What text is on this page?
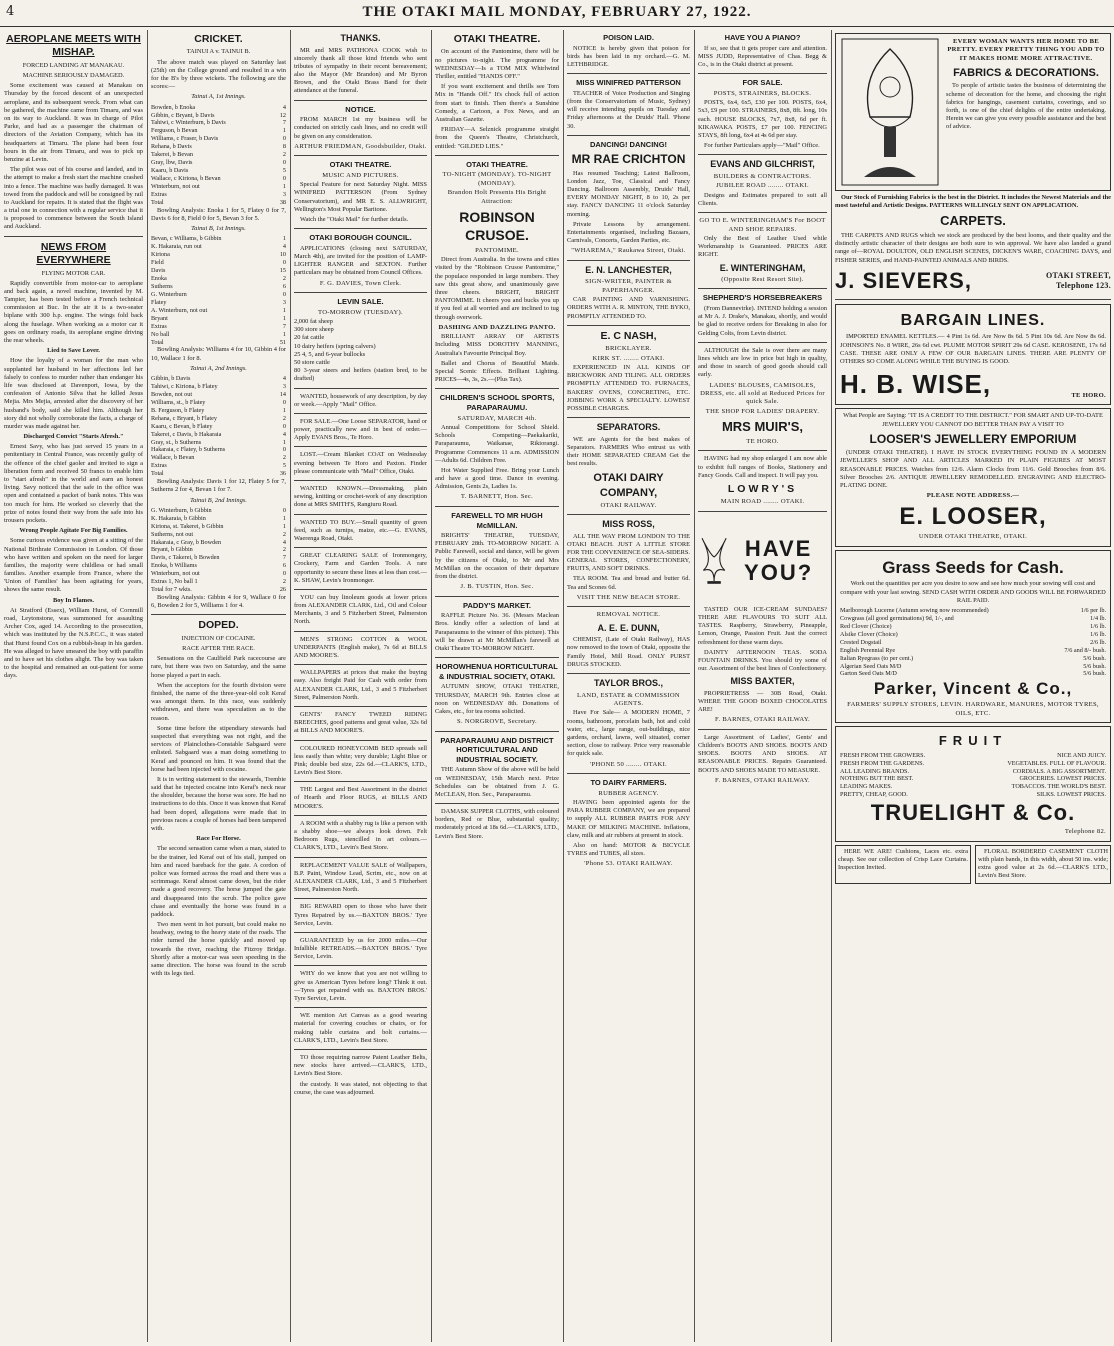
4	THE OTAKI MAIL MONDAY, FEBRUARY 27, 1922.
AEROPLANE MEETS WITH MISHAP.
FORCED LANDING AT MANAKAU.
MACHINE SERIOUSLY DAMAGED.

Some excitement was caused at Manakau on Thursday by the forced descent of an unexpected aeroplane, and its subsequent wreck. From what can be gathered, the machine came from Timaru, and was on its way to Auckland. It was in charge of Pilot Parke, and had as a passenger the chairman of directors of the Aviation Company, which has its headquarters at Timaru. The plane had been four hours in the air from Timaru, and was to pick up benzine at Levin.

The pilot was out of his course and landed, and in the attempt to make a fresh start the machine crashed into a fence. The machine was badly damaged. It was towed from the paddock and will be consigned by rail to Auckland for repairs. It is stated that the flight was a trial one in connection with a regular service that it is proposed to commence between the South Island and Auckland.

NEWS FROM EVERYWHERE
FLYING MOTOR CAR.

Rapidly convertible from motor-car to aeroplane and back again, a novel machine, invented by M. Tampier, has been tested before a French technical commission at Buc. In the air it is a two-seater biplane with 300 h.p. engine. The wings fold back along the fuselage. When working as a motor car it goes on ordinary roads, its aeroplane engine driving the rear wheels.

Lied to Save Lover.

How the loyalty of a woman for the man who supplanted her husband in her affections led her falsely to confess to murder rather than endanger his life was disclosed at Davenport, Iowa, by the confession of Antonio Silva that he killed Jesus Mejia. Mrs Mejia, arrested after the discovery of her husband's body, said she killed him. Although her story did not wholly corroborate the facts, a charge of murder was made against her.

Discharged Convict "Starts Afresh."

Ernest Savy, who has just served 15 years in a penitentiary in Central France, was recently guilty of the offence of the chief gaoler and invited to sign a liberation form and received 50 francs to enable him to "start afresh" in the world and earn an honest living. Savy noticed that the safe in the office was open and contained a packet of bank notes. This was too much for him. He worked so cleverly that the prize of notes found their way from the safe into his trousers pockets.

Wrong People Agitate For Big Families.

Some curious evidence was given at a sitting of the National Birthrate Commission in London. Of those who have written and spoken on the need for larger families, the majority were childless or had small families. Another example from France, where the 'Union of Families' has been agitating for years, shows the same result.

Boy In Flames.

At Stratford (Essex), William Hurst, of Cornmill road, Leytonstone, was summoned for assaulting Archer Cox, aged 14. According to the prosecution, which was instituted by the N.S.P.C.C., it was stated that Hurst found Cox on a rubbish-heap in his garden. He was alleged to have smeared the boy with paraffin and to have set his clothes alight. The boy was taken to the hospital and remained an out-patient for some days.

CRICKET.
TAINUI A v. TAINUI B.

The above match was played on Saturday last (25th) on the College ground and resulted in a win for the B's by three wickets. The following are the scores:—

Tainui A, 1st Innings.
Bowden, b Enoka	4
Gibbin, c Bryant, b Davis	12
Tahiwi, c Winterburn, b Davis	7
Ferguson, b Bevan	1
Williams, c Fraser, b Davis	0
Rehana, b Davis	8
Takerei, b Bevan	2
Gray, lbw, Davis	0
Kaaru, b Davis	5
Wallace, c Kiriona, b Bevan	0
Winterburn, not out	1
Extras	3
Total	38

Bowling Analysis: Enoka 1 for 5, Flatey 0 for 7, Davis 6 for 8, Field 0 for 5, Bevan 3 for 5.

Tainui B, 1st Innings.
Bevan, c Williams, b Gibbin	1
K. Hakaraia, run out	4
Kiriona	10
Field	0
Davis	15
Enoka	2
Sutherns	6
G. Winterburn	0
Flatey	3
A. Winterburn, not out	1
Bryant	1
Extras	7
No ball	1
Total	51

Bowling Analysis: Williams 4 for 10, Gibbin 4 for 10, Wallace 1 for 8.

Tainui A, 2nd Innings.
Gibbin, b Davis	4
Tahiwi, c Kiriona, b Flatey	3
Bowden, not out	14
Williams, st., b Flatey	0
B. Ferguson, b Flatey	1
Rehana, c Bryant, b Flatey	2
Kaaru, c Bevan, b Flatey	0
Takerei, c Davis, b Hakaraia	4
Gray, st., b Sutherns	1
Hakaraia, c Flatey, b Sutherns	0
Wallace, b Bevan	2
Extras	5
Total	36

Bowling Analysis: Davis 1 for 12, Flatey 5 for 7, Sutherns 2 for 4, Bevan 1 for 7.

Tainui B, 2nd Innings.
G. Winterburn, b Gibbin	0
K. Hakaraia, b Gibbin	1
Kiriona, st. Takerei, b Gibbin	1
Sutherns, not out	2
Hakaraia, c Gray, b Bowden	4
Bryant, b Gibbin	2
Davis, c Takerei, b Bowden	7
Enoka, b Williams	6
Winterburn, not out	0
Extras 1, No ball 1	2
Total for 7 wkts.	26

Bowling Analysis: Gibbin 4 for 9, Wallace 0 for 6, Bowden 2 for 5, Williams 1 for 4.

DOPED.
INJECTION OF COCAINE.
RACE AFTER THE RACE.

Sensations on the Caulfield Park racecourse are rare, but there was two on Saturday, and the same horse played a part in each.

When the acceptors for the fourth division were finished, the name of the three-year-old colt Keraf was amongst them. In this race, was suddenly withdrawn, and there was speculation as to the reason.

Some time before the stipendiary stewards had suspected that everything was not right, and the services of Plainclothes-Constable Sabgaard were enlisted. Sabgaard was a man doing something to Keraf and pounced on him. It was found that the horse had been injected with cocaine.

It is in writing statement to the stewards, Trembie said that he injected cocaine into Keraf's neck near the shoulder, because the horse was sore. He had no instructions to do this. Once it was known that Keraf had been doped, allegations were made that in previous races a couple of horses had been tampered with.

Race For Horse.

The second sensation came when a man, stated to be the trainer, led Keraf out of his stall, jumped on him and raced bareback for the gate. A cordon of police was formed across the road and there was a scrimmage. Keraf almost came down, but the rider made a good recovery. The horse jumped the gate and disappeared into the scrub. The police gave chase and eventually the horse was found in a paddock.

Two men went in hot pursuit, but could make no headway, owing to the heavy state of the roads. The rider turned the horse quickly and moved up towards the river, reaching the Fitzroy Bridge. Shortly after a motor-car was seen speeding in the same direction. The horse was found in the scrub with its legs tied.

THANKS.

MR and MRS PATIHONA COOK wish to sincerely thank all those kind friends who sent tributes of sympathy in their recent bereavement; also the Mayor (Mr Brandon) and Mr Byron Brown, and the Otaki Brass Band for their attendance at the funeral.

NOTICE.

FROM MARCH 1st my business will be conducted on strictly cash lines, and no credit will be given on any consideration.

ARTHUR FRIEDMAN, Goodsbuilder, Otaki.
OTAKI THEATRE.
MUSIC AND PICTURES.

Special Feature for next Saturday Night. MISS WINIFRED PATTERSON (From Sydney Conservatorium), and MR E. S. ALLWRIGHT, Wellington's Most Popular Baritone.

Watch the "Otaki Mail" for further details.

OTAKI BOROUGH COUNCIL.

APPLICATIONS (closing next SATURDAY, March 4th), are invited for the position of LAMP-LIGHTER RANGER and SEXTON. Further particulars may be obtained from Council Offices.

F. G. DAVIES, Town Clerk.
LEVIN SALE.
TO-MORROW (TUESDAY).
2,000 fat sheep
300 store sheep
20 fat cattle
10 dairy heifers (spring calvers)
25 4, 5, and 6-year bullocks
50 store cattle
80 3-year steers and heifers (station bred, to be drafted)

WANTED, housework of any description, by day or week.—Apply "Mail" Office.

FOR SALE.—One Loose SEPARATOR, hand or power, practically new and in best of order.—Apply EVANS Bros., Te Horo.

LOST.—Cream Blanket COAT on Wednesday evening between Te Horo and Paxton. Finder please communicate with "Mail" Office, Otaki.

WANTED KNOWN.—Dressmaking, plain sewing, knitting or crochet-work of any description done at MRS SMITH'S, Rangiuru Road.

WANTED TO BUY.—Small quantity of green feed, such as turnips, maize, etc.—G. EVANS, Waerenga Road, Otaki.

GREAT CLEARING SALE of Ironmongery, Crockery, Farm and Garden Tools. A rare opportunity to secure these lines at less than cost.—K. SHAW, Levin's Ironmonger.

YOU can buy linoleum goods at lower prices from ALEXANDER CLARK, Ltd., Oil and Colour Merchants, 3 and 5 Fitzherbert Street, Palmerston North.

MEN'S STRONG COTTON & WOOL UNDERPANTS (English make), 7s 6d at BILLS AND MOORE'S.

WALLPAPERS at prices that make the buying easy. Also freight Paid for Cash with order from ALEXANDER CLARK, Ltd., 3 and 5 Fitzherbert Street, Palmerston North.

GENTS' FANCY TWEED RIDING BREECHES, good patterns and great value, 32s 6d at BILLS AND MOORE'S.

COLOURED HONEYCOMB BED spreads sell less easily than white; very durable; Light Blue or Pink; double bed size, 22s 6d.—CLARK'S, LTD., Levin's Best Store.

THE Largest and Best Assortment in the district of Hearth and Floor RUGS, at BILLS AND MOORE'S.

A ROOM with a shabby rug is like a person with a shabby shoe—we always look down. Felt Bedroom Rugs, stencilled in art colours.—CLARK'S, LTD., Levin's Best Store.

REPLACEMENT VALUE SALE of Wallpapers, B.P. Paint, Window Lead, Scrim, etc., now on at ALEXANDER CLARK, Ltd., 3 and 5 Fitzherbert Street, Palmerston North.

BIG REWARD open to those who have their Tyres Repaired by us.—BAXTON BROS.' Tyre Service, Levin.

GUARANTEED by us for 2000 miles.—Our Infallible RETREADS.—BAXTON BROS.' Tyre Service, Levin.

WHY do we know that you are not willing to give us American Tyres before long? Think it out.—Tyres get repaired with us. BAXTON BROS.' Tyre Service, Levin.

WE mention Art Canvas as a good wearing material for covering couches or chairs, or for making table curtains and bolt curtains.—CLARK'S, LTD., Levin's Best Store.

TO those requiring narrow Patent Leather Belts, new stocks have arrived.—CLARK'S, LTD., Levin's Best Store.

the custody. It was stated, not objecting to that course, the case was adjourned.

OTAKI THEATRE.

On account of the Pantomime, there will be no pictures to-night. The programme for WEDNESDAY—Is a TOM MIX Whirlwind Thriller, entitled "HANDS OFF."

If you want excitement and thrills see Tom Mix in "Hands Off." It's chock full of action from start to finish. Then there's a Sunshine Comedy, a Cartoon, a Fox News, and an Australian Gazette.

FRIDAY—A Selznick programme straight from the Queen's Theatre, Christchurch, entitled: "GILDED LIES."

OTAKI THEATRE.
TO-NIGHT (MONDAY). TO-NIGHT (MONDAY).
Brandon Holt Presents His Bright Attraction:
ROBINSON CRUSOE.
PANTOMIME.

Direct from Australia. In the towns and cities visited by the "Robinson Crusoe Pantomime," the populace responded in large numbers. They saw this great show, and unanimously gave three cheers. BRIGHT, BRIGHT PANTOMIME. It cheers you and bucks you up if you feel at all worried and are inclined to tug through overwork.

DASHING AND DAZZLING PANTO.

BRILLIANT ARRAY OF ARTISTS Including MISS DOROTHY MANNING, Australia's Favourite Principal Boy.

Ballet and Chorus of Beautiful Maids. Special Scenic Effects. Brilliant Lighting. PRICES—4s, 3s, 2s.—(Plus Tax).

CHILDREN'S SCHOOL SPORTS, PARAPARAUMU.
SATURDAY, MARCH 4th.

Annual Competitions for School Shield. Schools Competing—Paekakariki, Paraparaumu, Waikanae, Rikiorangi. Programme Commences 11 a.m. ADMISSION—Adults 6d. Children Free.

Hot Water Supplied Free. Bring your Lunch and have a good time. Dance in evening. Admission, Gents 2s, Ladies 1s.

T. BARNETT, Hon. Sec.
FAREWELL TO MR HUGH McMILLAN.

BRIGHTS' THEATRE, TUESDAY, FEBRUARY 28th. TO-MORROW NIGHT. A Public Farewell, social and dance, will be given by the citizens of Otaki, to Mr and Mrs McMillan on the occasion of their departure from the district.

J. B. TUSTIN, Hon. Sec.
PADDY'S MARKET.

RAFFLE Picture No. 36. (Messrs Maclean Bros. kindly offer a selection of land at Paraparaumu to the winner of this picture). This will be drawn at Mr McMillan's farewell at Otaki Theatre TO-MORROW NIGHT.

HOROWHENUA HORTICULTURAL & INDUSTRIAL SOCIETY, OTAKI.

AUTUMN SHOW, OTAKI THEATRE, THURSDAY, MARCH 9th. Entries close at noon on WEDNESDAY 8th. Donations of Cakes, etc., for tea rooms solicited.

S. NORGROVE, Secretary.
PARAPARAUMU AND DISTRICT HORTICULTURAL AND INDUSTRIAL SOCIETY.

THE Autumn Show of the above will be held on WEDNESDAY, 15th March next. Prize Schedules can be obtained from J. G. McCLEAN, Hon. Sec., Paraparaumu.

DAMASK SUPPER CLOTHS, with coloured borders, Red or Blue, substantial quality; moderately priced at 18s 6d.—CLARK'S, LTD., Levin's Best Store.

POISON LAID.

NOTICE is hereby given that poison for birds has been laid in my orchard.—G. M. LETHBRIDGE.

MISS WINIFRED PATTERSON

TEACHER of Voice Production and Singing (from the Conservatorium of Music, Sydney) will receive intending pupils on Tuesday and Friday afternoons at the Druids' Hall. 'Phone 30.

DANCING! DANCING!
MR RAE CRICHTON

Has resumed Teaching; Latest Ballroom, London Jazz, Toe, Classical and Fancy Dancing. Ballroom Assembly, Druids' Hall, EVERY MONDAY NIGHT, 8 to 10, 2s per stay. FANCY DANCING 11 o'clock Saturday morning.

Private Lessons by arrangement. Entertainments organised, including Bazaars, Carnivals, Concerts, Garden Parties, etc.

"WHAREMA," Raukawa Street, Otaki.
E. N. LANCHESTER,
SIGN-WRITER, PAINTER & PAPERHANGER.

CAR PAINTING AND VARNISHING. ORDERS WITH A. R. MINTON, THE BYKO, PROMPTLY ATTENDED TO.

E. C NASH,
BRICKLAYER.
KIRK ST. ........ OTAKI.

EXPERIENCED IN ALL KINDS OF BRICKWORK AND TILING. ALL ORDERS PROMPTLY ATTENDED TO. FURNACES, BAKERS' OVENS, CONCRETING, ETC. JOBBING WORK A SPECIALTY. LOWEST POSSIBLE CHARGES.

SEPARATORS.

WE are Agents for the best makes of Separators. FARMERS Who entrust us with their HOME SEPARATED CREAM Get the best results.

OTAKI DAIRY COMPANY,
OTAKI RAILWAY.
MISS ROSS,

ALL THE WAY FROM LONDON TO THE OTAKI BEACH. JUST A LITTLE STORE FOR THE CONVENIENCE OF SEA-SIDERS. GENERAL STORES, CONFECTIONERY, FRUITS, AND SOFT DRINKS.

TEA ROOM. Tea and bread and butter 6d. Tea and Scones 6d.

VISIT THE NEW BEACH STORE.
REMOVAL NOTICE.
A. E. E. DUNN,

CHEMIST, (Late of Otaki Railway), HAS now removed to the town of Otaki, opposite the Family Hotel, Mill Road. ONLY PURST DRUGS STOCKED.

TAYLOR BROS.,
LAND, ESTATE & COMMISSION AGENTS.

Have For Sale— A MODERN HOME, 7 rooms, bathroom, porcelain bath, hot and cold water, etc., large range, out-buildings, nice gardens, orchard, lawns, well situated, corner section, close to railway. Price very reasonable for quick sale.

'PHONE 50 ........ OTAKI.
TO DAIRY FARMERS.
RUBBER AGENCY.

HAVING been appointed agents for the PARA RUBBER COMPANY, we are prepared to supply ALL RUBBER PARTS FOR ANY MAKE OF MILKING MACHINE. Inflations, claw, milk and air rubbers at present in stock.

Also on hand: MOTOR & BICYCLE TYRES and TUBES, all sizes.

'Phone 53. OTAKI RAILWAY.
HAVE YOU A PIANO?

If so, see that it gets proper care and attention. MISS JUDD, Representative of Chas. Begg & Co., is in the Otaki district at present.

FOR SALE.
POSTS, STRAINERS, BLOCKS.

POSTS, 6x4, 6x5, £30 per 100. POSTS, 6x4, 5x3, £9 per 100. STRAINERS, 8x8, 8ft. long, 10s each. HOUSE BLOCKS, 7x7, 8x8, 6d per ft. KIKAWAKA POSTS, £7 per 100. FENCING STAYS, 8ft long, 6x4 at 4s 6d per stay.

For further Particulars apply—"Mail" Office.

EVANS AND GILCHRIST,
BUILDERS & CONTRACTORS.
JUBILEE ROAD ........ OTAKI.

Designs and Estimates prepared to suit all Clients.

GO TO E. WINTERINGHAM'S For BOOT AND SHOE REPAIRS.

Only the Best of Leather Used while Workmanship is Guaranteed. PRICES ARE RIGHT.

E. WINTERINGHAM,
(Opposite Rest Resort Site).
SHEPHERD'S HORSEBREAKERS

(From Dannevirke). INTEND holding a session at Mr A. J. Drake's, Manakau, shortly, and would be glad to receive orders for Breaking in also for Gelding Colts, from Levin district.

ALTHOUGH the Sale is over there are many lines which are low in price but high in quality, and those in search of good goods should call early.

LADIES' BLOUSES, CAMISOLES, DRESS, etc. all sold at Reduced Prices for quick Sale.
THE SHOP FOR LADIES' DRAPERY.
MRS MUIR'S,
TE HORO.

HAVING had my shop enlarged I am now able to exhibit full ranges of Books, Stationery and Fancy Goods. Call and inspect. It will pay you.

LOWRY'S
MAIN ROAD ........ OTAKI.
HAVE YOU?

TASTED OUR ICE-CREAM SUNDAES? THERE ARE FLAVOURS TO SUIT ALL TASTES. Raspberry, Strawberry, Pineapple, Lemon, Orange, Passion Fruit. Just the correct refreshment for these warm days.

DAINTY AFTERNOON TEAS. SODA FOUNTAIN DRINKS. You should try some of our. Assortment of the best lines of Confectionery.

MISS BAXTER,

PROPRIETRESS — 30B Road, Otaki. WHERE THE GOOD BOXED CHOCOLATES ARE!

F. BARNES, OTAKI RAILWAY.

Large Assortment of Ladies', Gents' and Children's BOOTS AND SHOES. BOOTS AND SHOES. BOOTS AND SHOES. AT REASONABLE PRICES. Repairs Guaranteed. BOOTS AND SHOES MADE TO MEASURE.

F. BARNES, OTAKI RAILWAY.
EVERY WOMAN WANTS HER HOME TO BE PRETTY. EVERY PRETTY THING YOU ADD TO IT MAKES HOME MORE ATTRACTIVE.
FABRICS & DECORATIONS.

To people of artistic tastes the business of determining the scheme of decoration for the home, and choosing the right fabrics for hangings, casement curtains, coverings, and so forth, is one of the chief delights of the entire undertaking. Herein we can give you every possible assistance and the best of advice.

Our Stock of Furnishing Fabrics is the best in the District. It includes the Newest Materials and the most tasteful and Artistic Designs. PATTERNS WILLINGLY SENT ON APPLICATION.

CARPETS.

THE CARPETS AND RUGS which we stock are produced by the best looms, and their quality and the distinctly artistic character of their designs are both sure to win approval. We have also landed a grand range of—ROYAL DOULTON, OLD ENGLISH SCENES, DICKEN'S WARE, COACHING DAYS, and FISHER SERIES, and HAND-PAINTED ANIMALS AND BIRDS.

J. SIEVERS,	OTAKI STREET, Telephone 123.
BARGAIN LINES.

IMPORTED ENAMEL KETTLES.— 4 Pint 1s 6d. Are Now 8s 6d. 5 Pint 10s 6d. Are Now 8s 6d. JOHNSON'S No. 8 WIRE, 26s 6d cwt. PLUME MOTOR SPIRIT 29s 6d CASE. KEROSENE, 17s 6d CASE. THESE ARE ONLY A FEW OF OUR BARGAIN LINES. THERE ARE PLENTY OF OTHERS SO COME ALONG WHILE THE BUYING IS GOOD.

H. B. WISE,	TE HORO.

What People are Saying: "IT IS A CREDIT TO THE DISTRICT." FOR SMART AND UP-TO-DATE JEWELLERY YOU CANNOT DO BETTER THAN PAY A VISIT TO

LOOSER'S JEWELLERY EMPORIUM

(UNDER OTAKI THEATRE). I HAVE IN STOCK EVERYTHING FOUND IN A MODERN JEWELLER'S SHOP AND ALL ARTICLES MARKED IN PLAIN FIGURES AT MOST REASONABLE PRICES. Watches from 12/6. Alarm Clocks from 11/6. Gold Brooches from 8/6. Silver Brooches 2/6. ANTIQUE JEWELLERY REMODELLED. ENGRAVING AND ELECTRO-PLATING DONE.

PLEASE NOTE ADDRESS.—
E. LOOSER,
UNDER OTAKI THEATRE, OTAKI.
Grass Seeds for Cash.

Work out the quantities per acre you desire to sow and see how much your sowing will cost and compare with your last sowing. SEND CASH WITH ORDER AND GOODS WILL BE FORWARDED RAIL PAID.

Marlborough Lucerne (Autumn sowing now recommended)	1/6 per lb.
Cowgrass (all good germinations) 9d, 1/-, and	1/4 lb.
Red Clover (Choice)	1/6 lb.
Alsike Clover (Choice)	1/6 lb.
Crested Dogstail	2/6 lb.
English Perennial Rye	7/6 and 8/- bush.
Italian Ryegrass (to per cent.)	5/6 bush.
Algerian Seed Oats M/D	5/6 bush.
Garton Seed Oats M/D	5/6 bush.
Parker, Vincent & Co.,
FARMERS' SUPPLY STORES, LEVIN. HARDWARE, MANURES, MOTOR TYRES, OILS, ETC.
FRUIT
FRESH FROM THE GROWERS.	NICE AND JUICY.
FRESH FROM THE GARDENS.	VEGETABLES. FULL OF FLAVOUR.
ALL LEADING BRANDS.	CORDIALS. A BIG ASSORTMENT.
NOTHING BUT THE BEST.	GROCERIES. LOWEST PRICES.
LEADING MAKES.	TOBACCOS. THE WORLD'S BEST.
PRETTY, CHEAP, GOOD.	SILKS. LOWEST PRICES.
TRUELIGHT & Co.
Telephone 82.

HERE WE ARE! Cushions, Laces etc. extra cheap. See our collection of Crisp Lace Curtains. Inspection Invited.

FLORAL BORDERED CASEMENT CLOTH with plain bands, in this width, about 50 ins. wide; extra good value at 2s 6d.—CLARK'S LTD., Levin's Best Store.
